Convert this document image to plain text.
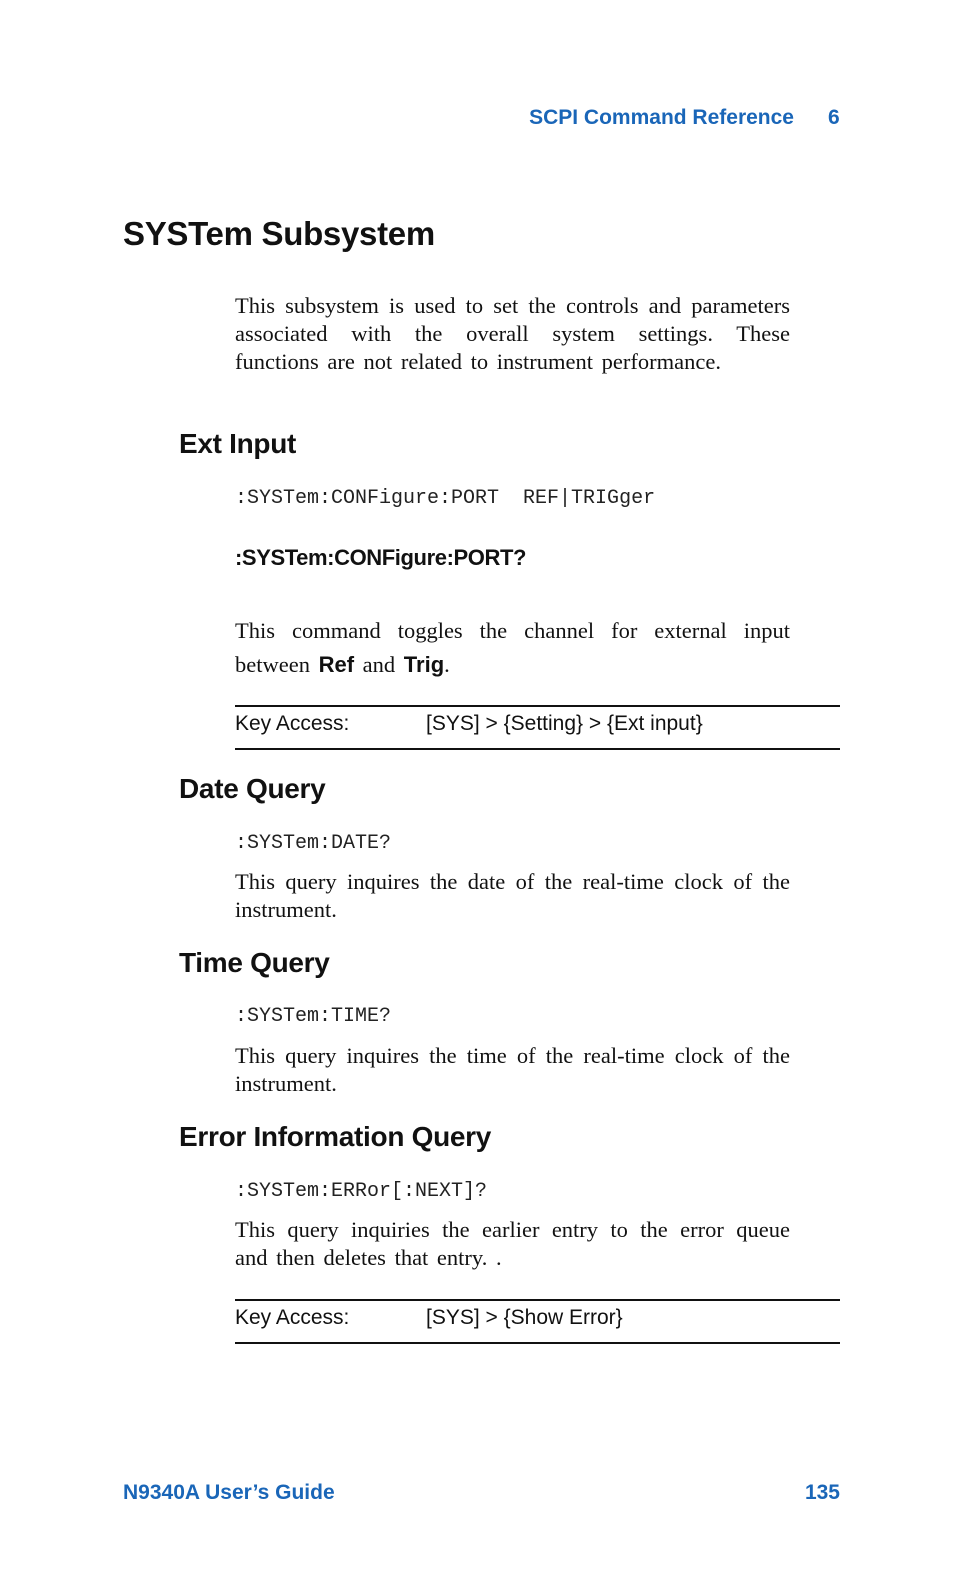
SCPI Command Reference 6
SYSTem Subsystem
This subsystem is used to set the controls and parameters associated with the overall system settings. These functions are not related to instrument performance.
Ext Input
:SYSTem:CONFigure:PORT  REF|TRIGger
:SYSTem:CONFigure:PORT?
This command toggles the channel for external input between Ref and Trig.
Key Access:	[SYS] > {Setting} > {Ext input}
Date Query
:SYSTem:DATE?
This query inquires the date of the real-time clock of the instrument.
Time Query
:SYSTem:TIME?
This query inquires the time of the real-time clock of the instrument.
Error Information Query
:SYSTem:ERRor[:NEXT]?
This query inquiries the earlier entry to the error queue and then deletes that entry. .
Key Access:	[SYS] > {Show Error}
N9340A User’s Guide	135
